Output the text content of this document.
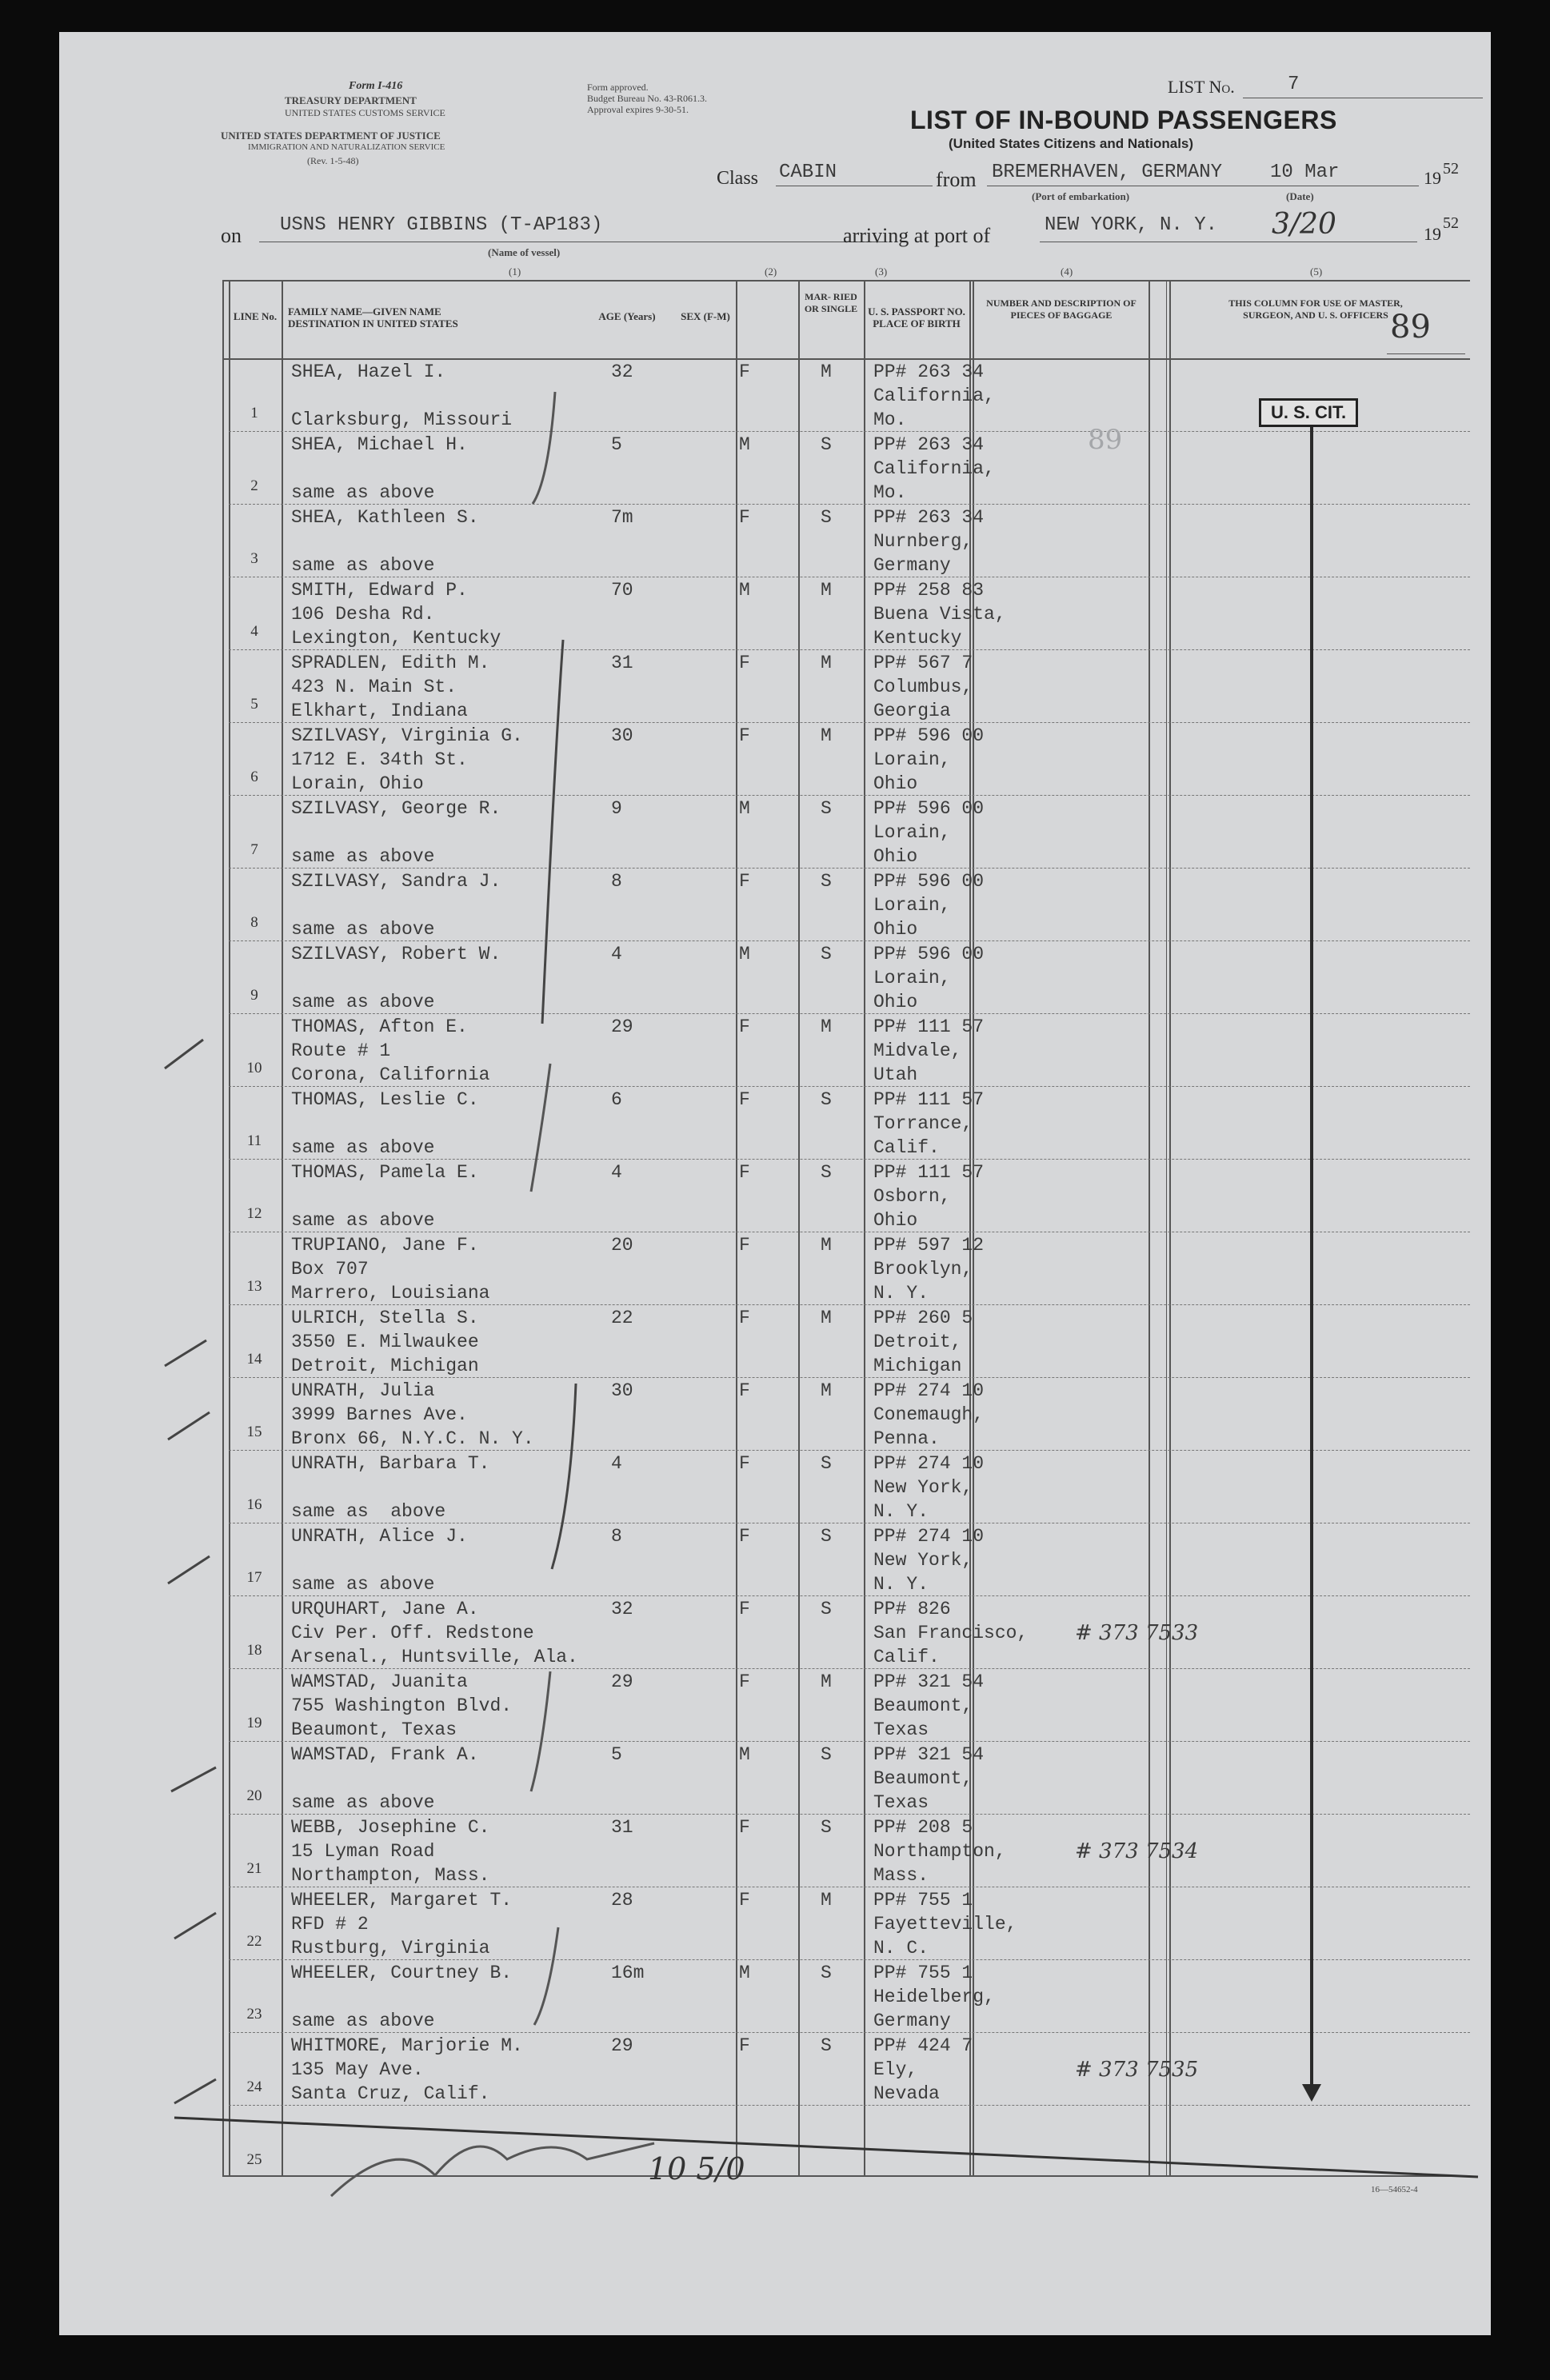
Form I-416
TREASURY DEPARTMENT
UNITED STATES CUSTOMS SERVICE
UNITED STATES DEPARTMENT OF JUSTICE
IMMIGRATION AND NATURALIZATION SERVICE
(Rev. 1-5-48)
Form approved.
Budget Bureau No. 43-R061.3.
Approval expires 9-30-51.
LIST No.	7
LIST OF IN-BOUND PASSENGERS
(United States Citizens and Nationals)
Class CABIN	from BREMERHAVEN, GERMANY 10 Mar	19 52
(Port of embarkation)	(Date)
on USNS HENRY GIBBINS (T-AP183)
(Name of vessel)
arriving at port of	NEW YORK, N. Y. 3/20	19
52
(1)	(2)	(3)	(4)	(5)
LINE No.	FAMILY NAME—GIVEN NAME DESTINATION IN UNITED STATES
AGE (Years)	SEX (F-M)
MAR- RIED OR SINGLE U. S. PASSPORT NO. PLACE OF BIRTH
NUMBER AND DESCRIPTION OF PIECES OF BAGGAGE
THIS COLUMN FOR USE OF MASTER, SURGEON, AND U. S. OFFICERS 89
1
SHEA, Hazel I.
Clarksburg, Missouri
32	F	M PP# 263 34
California,
Mo.
2
SHEA, Michael H.
same as above
5	M	S PP# 263 34
California,
Mo.
3
SHEA, Kathleen S.
same as above
7m	F	S PP# 263 34
Nurnberg,
Germany
4
SMITH, Edward P.
106 Desha Rd.
Lexington, Kentucky
70	M	M PP# 258 83
Buena Vista,
Kentucky
5
SPRADLEN, Edith M.
423 N. Main St.
Elkhart, Indiana
31	F	M PP# 567 7
Columbus,
Georgia
6
SZILVASY, Virginia G.
1712 E. 34th St.
Lorain, Ohio
30	F	M PP# 596 00
Lorain,
Ohio
7
SZILVASY, George R.
same as above
9	M	S PP# 596 00
Lorain,
Ohio
8
SZILVASY, Sandra J.
same as above
8	F	S PP# 596 00
Lorain,
Ohio
9
SZILVASY, Robert W.
same as above
4	M	S PP# 596 00
Lorain,
Ohio
10
THOMAS, Afton E.
Route # 1
Corona, California
29	F	M PP# 111 57
Midvale,
Utah
11
THOMAS, Leslie C.
same as above
6	F	S PP# 111 57
Torrance,
Calif.
12
THOMAS, Pamela E.
same as above
4	F	S PP# 111 57
Osborn,
Ohio
13
TRUPIANO, Jane F.
Box 707
Marrero, Louisiana
20	F	M PP# 597 12
Brooklyn,
N. Y.
14
ULRICH, Stella S.
3550 E. Milwaukee
Detroit, Michigan
22	F	M PP# 260 5
Detroit,
Michigan
15
UNRATH, Julia
3999 Barnes Ave.
Bronx 66, N.Y.C. N. Y.
30	F	M PP# 274 10
Conemaugh,
Penna.
16
UNRATH, Barbara T.
same as  above
4	F	S PP# 274 10
New York,
N. Y.
17
UNRATH, Alice J.
same as above
8	F	S PP# 274 10
New York,
N. Y.
18
URQUHART, Jane A.
Civ Per. Off. Redstone
Arsenal., Huntsville, Ala.
32	F	S PP# 826
San Francisco,
Calif.
# 373 7533
19
WAMSTAD, Juanita
755 Washington Blvd.
Beaumont, Texas
29	F	M PP# 321 54
Beaumont,
Texas
20
WAMSTAD, Frank A.
same as above
5	M	S PP# 321 54
Beaumont,
Texas
21
WEBB, Josephine C.
15 Lyman Road
Northampton, Mass.
31	F	S PP# 208 5
Northampton,
Mass.
# 373 7534
22
WHEELER, Margaret T.
RFD # 2
Rustburg, Virginia
28	F	M PP# 755 1
Fayetteville,
N. C.
23
WHEELER, Courtney B.
same as above
16m	M	S PP# 755 1
Heidelberg,
Germany
24
WHITMORE, Marjorie M.
135 May Ave.
Santa Cruz, Calif.
29	F	S PP# 424 7
Ely,
Nevada
# 373 7535
25
U. S. CIT.
89
10 5/0
16—54652-4
